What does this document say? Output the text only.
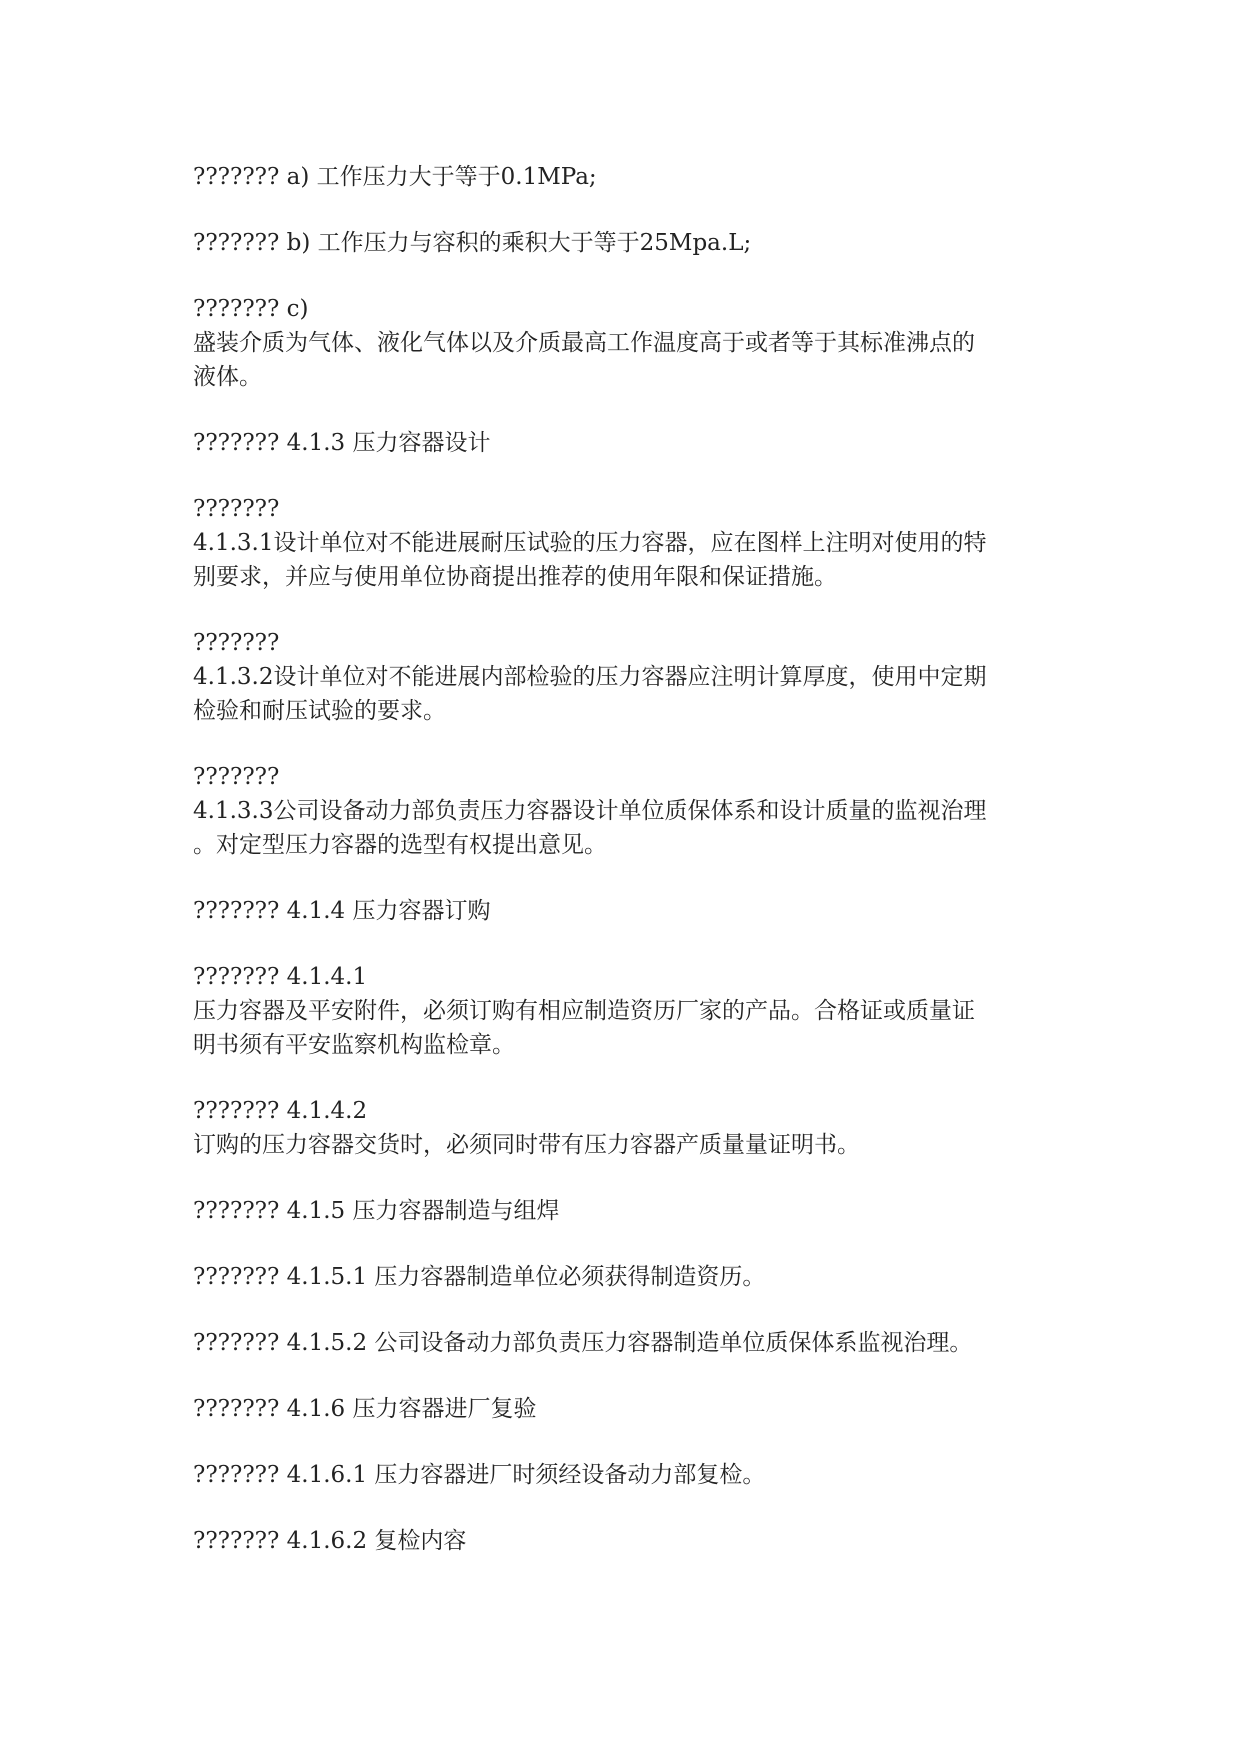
??????? a) 工作压力大于等于0.1MPa;

??????? b) 工作压力与容积的乘积大于等于25Mpa.L;

??????? c)
盛装介质为气体、液化气体以及介质最高工作温度高于或者等于其标准沸点的
液体。

??????? 4.1.3 压力容器设计

???????
4.1.3.1设计单位对不能进展耐压试验的压力容器，应在图样上注明对使用的特
别要求，并应与使用单位协商提出推荐的使用年限和保证措施。

???????
4.1.3.2设计单位对不能进展内部检验的压力容器应注明计算厚度，使用中定期
检验和耐压试验的要求。

???????
4.1.3.3公司设备动力部负责压力容器设计单位质保体系和设计质量的监视治理
。对定型压力容器的选型有权提出意见。

??????? 4.1.4 压力容器订购

??????? 4.1.4.1
压力容器及平安附件，必须订购有相应制造资历厂家的产品。合格证或质量证
明书须有平安监察机构监检章。

??????? 4.1.4.2
订购的压力容器交货时，必须同时带有压力容器产质量量证明书。

??????? 4.1.5 压力容器制造与组焊

??????? 4.1.5.1 压力容器制造单位必须获得制造资历。

??????? 4.1.5.2 公司设备动力部负责压力容器制造单位质保体系监视治理。

??????? 4.1.6 压力容器进厂复验

??????? 4.1.6.1 压力容器进厂时须经设备动力部复检。

??????? 4.1.6.2 复检内容
